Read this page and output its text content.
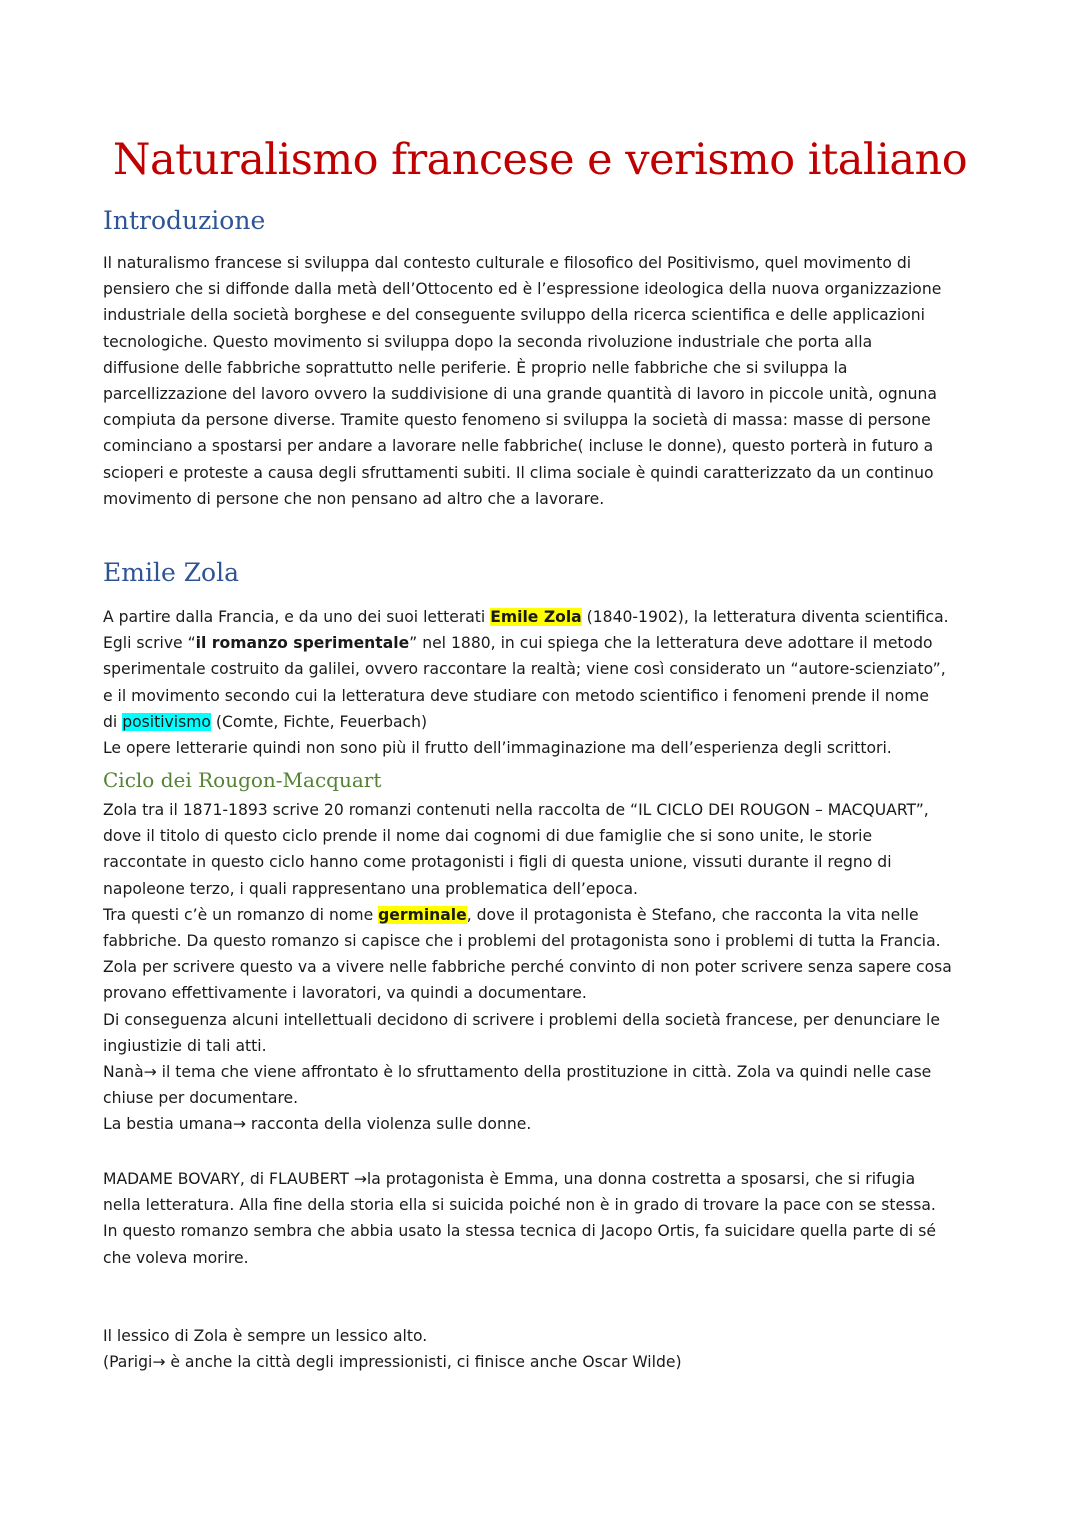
Naturalismo francese e verismo italiano
Introduzione
Il naturalismo francese si sviluppa dal contesto culturale e filosofico del Positivismo, quel movimento di
pensiero che si diffonde dalla metà dell’Ottocento ed è l’espressione ideologica della nuova organizzazione
industriale della società borghese e del conseguente sviluppo della ricerca scientifica e delle applicazioni
tecnologiche. Questo movimento si sviluppa dopo la seconda rivoluzione industriale che porta alla
diffusione delle fabbriche soprattutto nelle periferie. È proprio nelle fabbriche che si sviluppa la
parcellizzazione del lavoro ovvero la suddivisione di una grande quantità di lavoro in piccole unità, ognuna
compiuta da persone diverse. Tramite questo fenomeno si sviluppa la società di massa: masse di persone
cominciano a spostarsi per andare a lavorare nelle fabbriche( incluse le donne), questo porterà in futuro a
scioperi e proteste a causa degli sfruttamenti subiti. Il clima sociale è quindi caratterizzato da un continuo
movimento di persone che non pensano ad altro che a lavorare.
Emile Zola
A partire dalla Francia, e da uno dei suoi letterati Emile Zola (1840-1902), la letteratura diventa scientifica.
Egli scrive “il romanzo sperimentale” nel 1880, in cui spiega che la letteratura deve adottare il metodo
sperimentale costruito da galilei, ovvero raccontare la realtà; viene così considerato un “autore-scienziato”,
e il movimento secondo cui la letteratura deve studiare con metodo scientifico i fenomeni prende il nome
di positivismo (Comte, Fichte, Feuerbach)
Le opere letterarie quindi non sono più il frutto dell’immaginazione ma dell’esperienza degli scrittori.
Ciclo dei Rougon-Macquart
Zola tra il 1871-1893 scrive 20 romanzi contenuti nella raccolta de “IL CICLO DEI ROUGON – MACQUART”,
dove il titolo di questo ciclo prende il nome dai cognomi di due famiglie che si sono unite, le storie
raccontate in questo ciclo hanno come protagonisti i figli di questa unione, vissuti durante il regno di
napoleone terzo, i quali rappresentano una problematica dell’epoca.
Tra questi c’è un romanzo di nome germinale, dove il protagonista è Stefano, che racconta la vita nelle
fabbriche. Da questo romanzo si capisce che i problemi del protagonista sono i problemi di tutta la Francia.
Zola per scrivere questo va a vivere nelle fabbriche perché convinto di non poter scrivere senza sapere cosa
provano effettivamente i lavoratori, va quindi a documentare.
Di conseguenza alcuni intellettuali decidono di scrivere i problemi della società francese, per denunciare le
ingiustizie di tali atti.
Nanà→ il tema che viene affrontato è lo sfruttamento della prostituzione in città. Zola va quindi nelle case
chiuse per documentare.
La bestia umana→ racconta della violenza sulle donne.
MADAME BOVARY, di FLAUBERT →la protagonista è Emma, una donna costretta a sposarsi, che si rifugia
nella letteratura. Alla fine della storia ella si suicida poiché non è in grado di trovare la pace con se stessa.
In questo romanzo sembra che abbia usato la stessa tecnica di Jacopo Ortis, fa suicidare quella parte di sé
che voleva morire.
Il lessico di Zola è sempre un lessico alto.
(Parigi→ è anche la città degli impressionisti, ci finisce anche Oscar Wilde)
